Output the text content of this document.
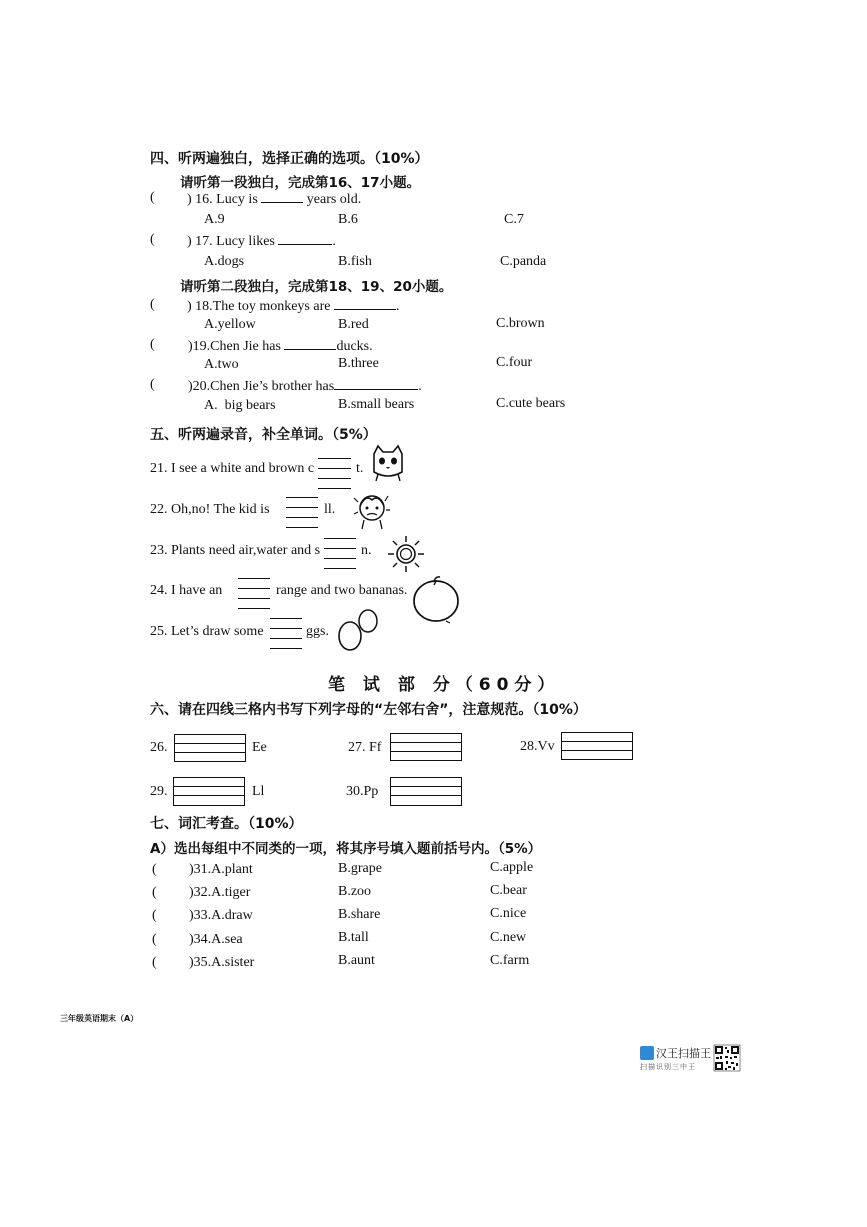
四、听两遍独白，选择正确的选项。（10%）
请听第一段独白，完成第16、17小题。
( ) 16. Lucy is	years old.
A.9	B.6	C.7
( ) 17. Lucy likes	.
A.dogs	B.fish	C.panda
请听第二段独白，完成第18、19、20小题。
( ) 18.The toy monkeys are	.
A.yellow	B.red	C.brown
( )19.Chen Jie has	ducks.
A.two	B.three	C.four
( )20.Chen Jie’s brother has	.
A.  big bears	B.small bears	C.cute bears
五、听两遍录音，补全单词。（5%）
21. I see a white and brown c	t.
22. Oh,no! The kid is	ll.
23. Plants need air,water and s	n.
24. I have an	range and two bananas.
25. Let’s draw some	ggs.
笔 试 部 分（60分）
六、请在四线三格内书写下列字母的“左邻右舍”，注意规范。（10%）
26.	Ee	27. Ff	28.Vv
29.	Ll	30.Pp
七、词汇考查。（10%）
A）选出每组中不同类的一项，将其序号填入题前括号内。（5%）
( )31.A.plant	B.grape	C.apple
( )32.A.tiger	B.zoo	C.bear
( )33.A.draw	B.share	C.nice
( )34.A.sea	B.tall	C.new
( )35.A.sister	B.aunt	C.farm
三年级英语期末（A）
汉王扫描王
扫描识别三中王
